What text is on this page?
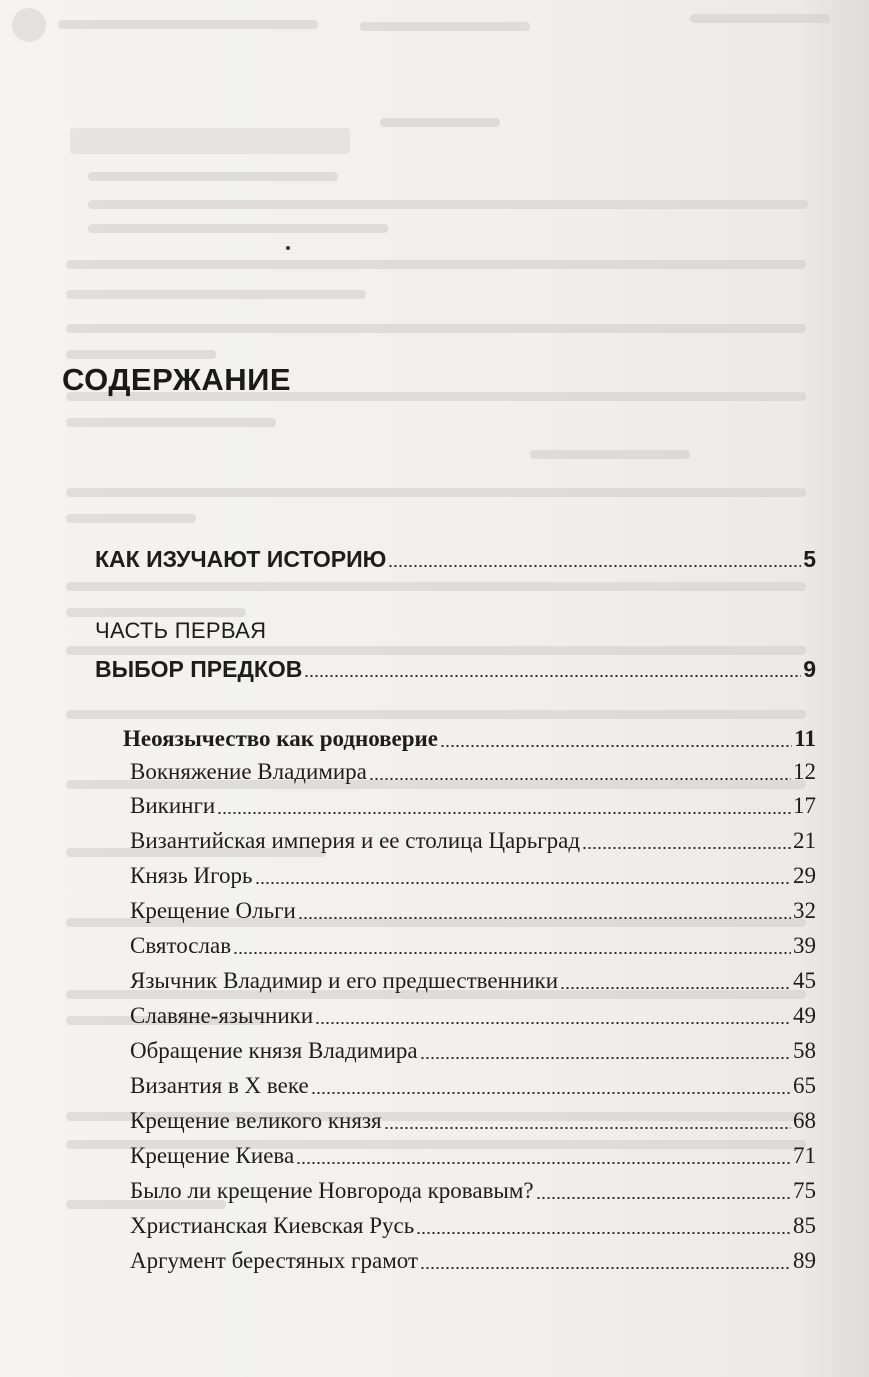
СОДЕРЖАНИЕ
КАК ИЗУЧАЮТ ИСТОРИЮ	5
ЧАСТЬ ПЕРВАЯ
ВЫБОР ПРЕДКОВ	9
Неоязычество как родноверие	11
Вокняжение Владимира	12
Викинги	17
Византийская империя и ее столица Царьград	21
Князь Игорь	29
Крещение Ольги	32
Святослав	39
Язычник Владимир и его предшественники	45
Славяне-язычники	49
Обращение князя Владимира	58
Византия в X веке	65
Крещение великого князя	68
Крещение Киева	71
Было ли крещение Новгорода кровавым?	75
Христианская Киевская Русь	85
Аргумент берестяных грамот	89
